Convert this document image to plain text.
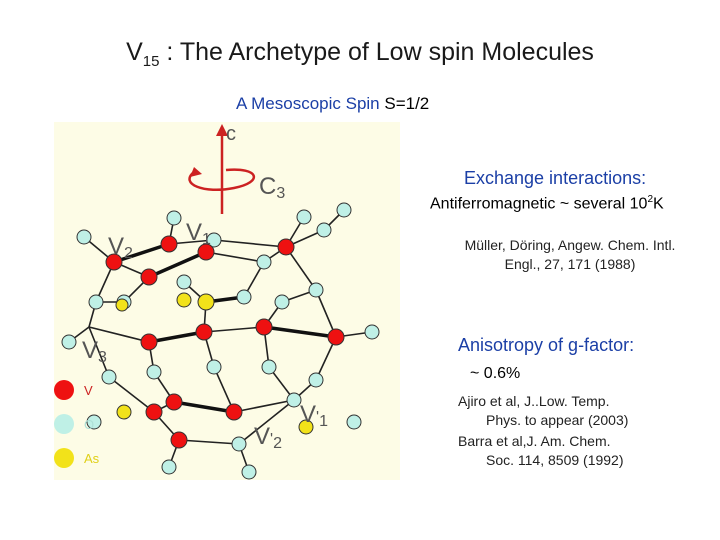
$V_{15}$ : The Archetype of Low spin Molecules
A Mesoscopic Spin S=1/2
c
C3
V1
V2
V3
V'1
V'2
V
O
As
Exchange interactions:
Antiferromagnetic ~ several $10^2K$
Müller, Döring, Angew. Chem. Intl.
Engl., 27, 171 (1988)
Anisotropy of g-factor:
~ 0.6%
Ajiro et al, J..Low. Temp.
Phys. to appear (2003)
Barra et al,J. Am. Chem.
Soc. 114, 8509 (1992)
